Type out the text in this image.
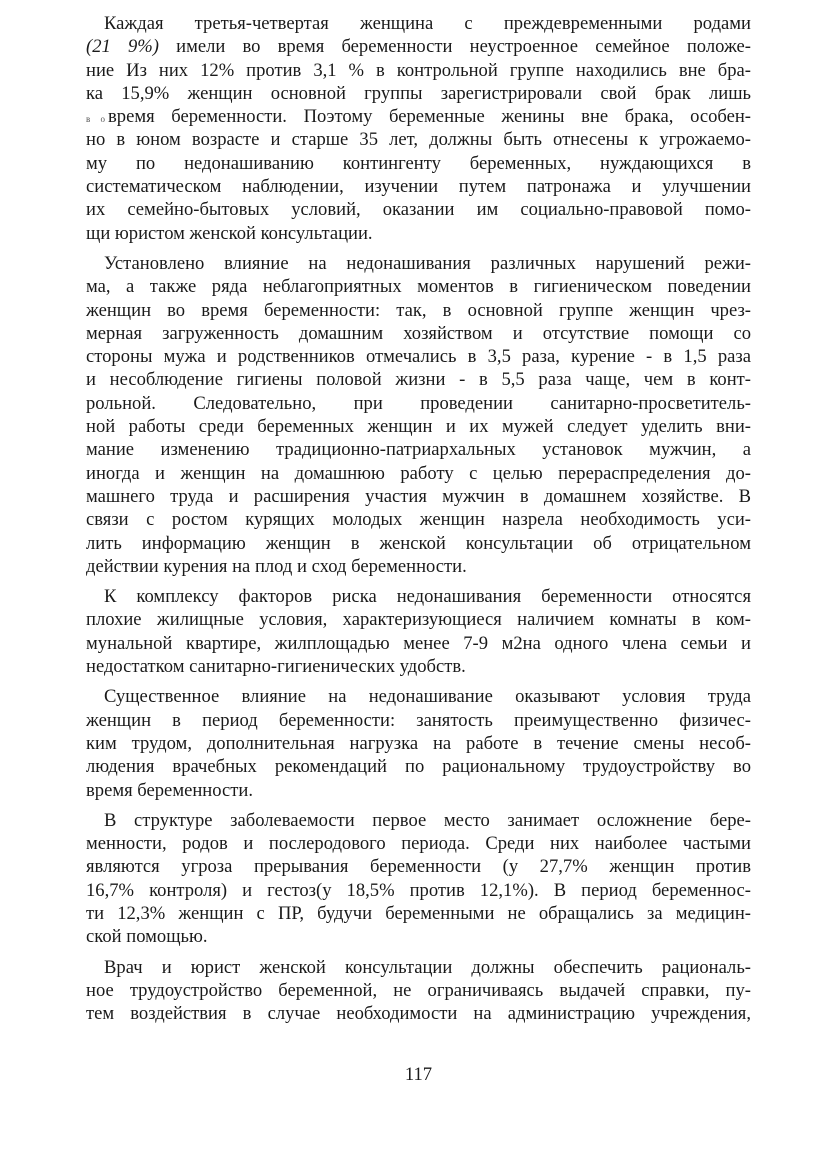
Каждая третья-четвертая женщина с преждевременными родами
(21 9%) имели во время беременности неустроенное семейное положе-
ние Из них 12% против 3,1 % в контрольной группе находились вне бра-
ка 15,9% женщин основной группы зарегистрировали свой брак лишь
в овремя беременности. Поэтому беременные женины вне брака, особен-
но в юном возрасте и старше 35 лет, должны быть отнесены к угрожаемо-
му по недонашиванию контингенту беременных, нуждающихся в
систематическом наблюдении, изучении путем патронажа и улучшении
их семейно-бытовых условий, оказании им социально-правовой помо-
щи юристом женской консультации.
Установлено влияние на недонашивания различных нарушений режи-
ма, а также ряда неблагоприятных моментов в гигиеническом поведении
женщин во время беременности: так, в основной группе женщин чрез-
мерная загруженность домашним хозяйством и отсутствие помощи со
стороны мужа и родственников отмечались в 3,5 раза, курение - в 1,5 раза
и несоблюдение гигиены половой жизни - в 5,5 раза чаще, чем в конт-
рольной. Следовательно, при проведении санитарно-просветитель-
ной работы среди беременных женщин и их мужей следует уделить вни-
мание изменению традиционно-патриархальных установок мужчин, а
иногда и женщин на домашнюю работу с целью перераспределения до-
машнего труда и расширения участия мужчин в домашнем хозяйстве. В
связи с ростом курящих молодых женщин назрела необходимость уси-
лить информацию женщин в женской консультации об отрицательном
действии курения на плод и сход беременности.
К комплексу факторов риска недонашивания беременности относятся
плохие жилищные условия, характеризующиеся наличием комнаты в ком-
мунальной квартире, жилплощадью менее 7-9 м2на одного члена семьи и
недостатком санитарно-гигиенических удобств.
Существенное влияние на недонашивание оказывают условия труда
женщин в период беременности: занятость преимущественно физичес-
ким трудом, дополнительная нагрузка на работе в течение смены несоб-
людения врачебных рекомендаций по рациональному трудоустройству во
время беременности.
В структуре заболеваемости первое место занимает осложнение бере-
менности, родов и послеродового периода. Среди них наиболее частыми
являются угроза прерывания беременности (у 27,7% женщин против
16,7% контроля) и гестоз(у 18,5% против 12,1%). В период беременнос-
ти 12,3% женщин с ПР, будучи беременными не обращались за медицин-
ской помощью.
Врач и юрист женской консультации должны обеспечить рациональ-
ное трудоустройство беременной, не ограничиваясь выдачей справки, пу-
тем воздействия в случае необходимости на администрацию учреждения,
117
